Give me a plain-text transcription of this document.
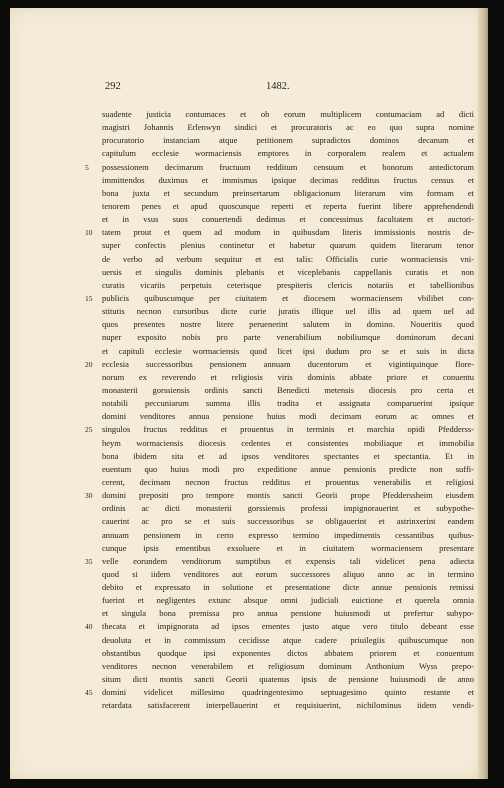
292	1482.
suadente justicia contumaces et ob eorum multiplicem contumaciam ad dicti
magistri Johannis Erlenwyn sindici et procuratoris ac eo quo supra nomine
procuratorio instanciam atque petitionem supradictos dominos decanum et
capitulum ecclesie wormaciensis emptores in corporalem realem et actualem
5	possessionem decimarum fructuum redditum censuum et bonorum antedictorum
immittendos duximus et immismus ipsique decimas redditus fructus census et
bona juxta et secundum preinsertarum obligacionum literarum vim formam et
tenorem penes et apud quoscunque reperti et reperta fuerint libere apprehendendi
et in vsus suos conuertendi dedimus et concessimus facultatem et auctori-
10	tatem prout et quem ad modum in quibusdam literis immissionis nostris de-
super confectis plenius continetur et habetur quarum quidem literarum tenor
de verbo ad verbum sequitur et est talis: Officialis curie wormaciensis vni-
uersis et singulis dominis plebanis et viceplebanis cappellanis curatis et non
curatis vicariis perpetuis ceterisque prespiteris clericis notariis et tabellionibus
15	publicis quibuscumque per ciuitatem et diocesem wormaciensem vbilibet con-
stitutis necnon cursoribus dicte curie juratis illique uel illis ad quem uel ad
quos presentes nostre litere peruenerint salutem in domino. Noueritis quod
nuper exposito nobis pro parte venerabilium nobiliumque dominorum decani
et capituli ecclesie wormaciensis quod licet ipsi dudum pro se et suis in dicta
20	ecclesia successoribus pensionem annuam ducentorum et vigintiquinque flore-
norum ex reverendo et religiosis viris dominis abbate priore et conuentu
monasterii gorssiensis ordinis sancti Benedicti metensis diocesis pro certa et
notabili peccuniarum summa illis tradita et assignata comparuerint ipsique
domini venditores annua pensione huius modi decimam eorum ac omnes et
25	singulos fructus redditus et prouentus in terminis et marchia opidi Pfedderss-
heym wormaciensis diocesis cedentes et consistentes mobiliaque et immobilia
bona ibidem sita et ad ipsos venditores spectantes et spectantia. Et in
euentum quo huius modi pro expeditione annue pensionis predicte non suffi-
cerent, decimam necnon fructus redditus et prouentus venerabilis et religiosi
30	domini prepositi pro tempore montis sancti Georii prope Pfedderssheim eiusdem
ordinis ac dicti monasterii gorssiensis professi impignorauerint et subypothe-
cauerint ac pro se et suis successoribus se obligauerint et astrinxerint eandem
annuam pensionem in certo expresso termino impedimentis cessantibus quibus-
cunque ipsis ementibus exsoluere et in ciuitatem wormaciensem presentare
35	velle eorundem venditorum sumptibus et expensis tali videlicet pena adiecta
quod si iidem venditores aut eorum successores aliquo anno ac in termino
debito et expressato in solutione et presentatione dicte annue pensionis remissi
fuerint et negligentes extunc absque omni judiciali euictione et querela omnia
et singula bona premissa pro annua pensione huiusmodi ut prefertur subypo-
40	thecata et impignorata ad ipsos ementes justo atque vero titulo debeant esse
deuoluta et in commissum cecidisse atque cadere priuilegiis quibuscumque non
obstantibus quodque ipsi exponentes dictos abbatem priorem et conuentum
venditores necnon venerabilem et religiosum dominum Anthonium Wyss prepo-
situm dicti montis sancti Georii quatenus ipsis de pensione huiusmodi de anno
45	domini videlicet millesimo quadringentesimo septuagesimo quinto restante et
retardata satisfacerent interpellauerint et requisiuerint, nichilominus iidem vendi-
